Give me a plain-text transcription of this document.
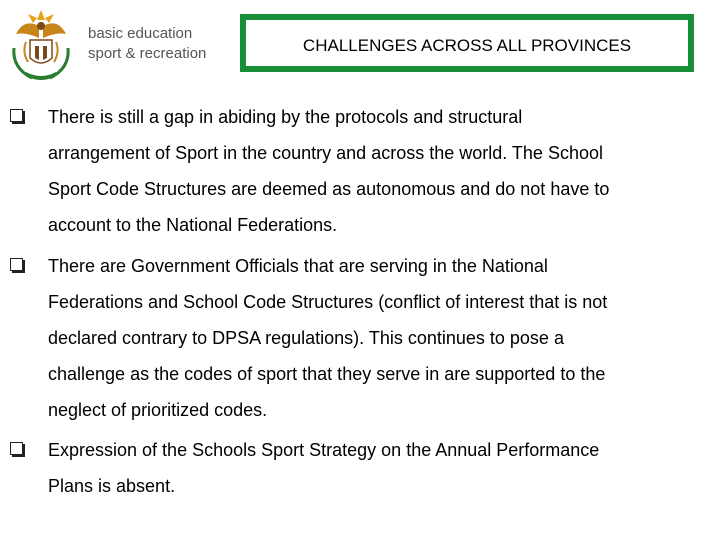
basic education
sport & recreation	CHALLENGES ACROSS ALL PROVINCES
There is still a gap in abiding by the protocols and structural
arrangement of Sport in the country and across the world. The School
Sport Code Structures are deemed as autonomous and do not have to
account to the National Federations.
There are Government Officials that are serving in the National
Federations and School Code Structures (conflict of interest that is not
declared contrary to DPSA regulations). This continues to pose a
challenge as the codes of sport that they serve in are supported to the
neglect of prioritized codes.
Expression of the Schools Sport Strategy on the Annual Performance
Plans is absent.
